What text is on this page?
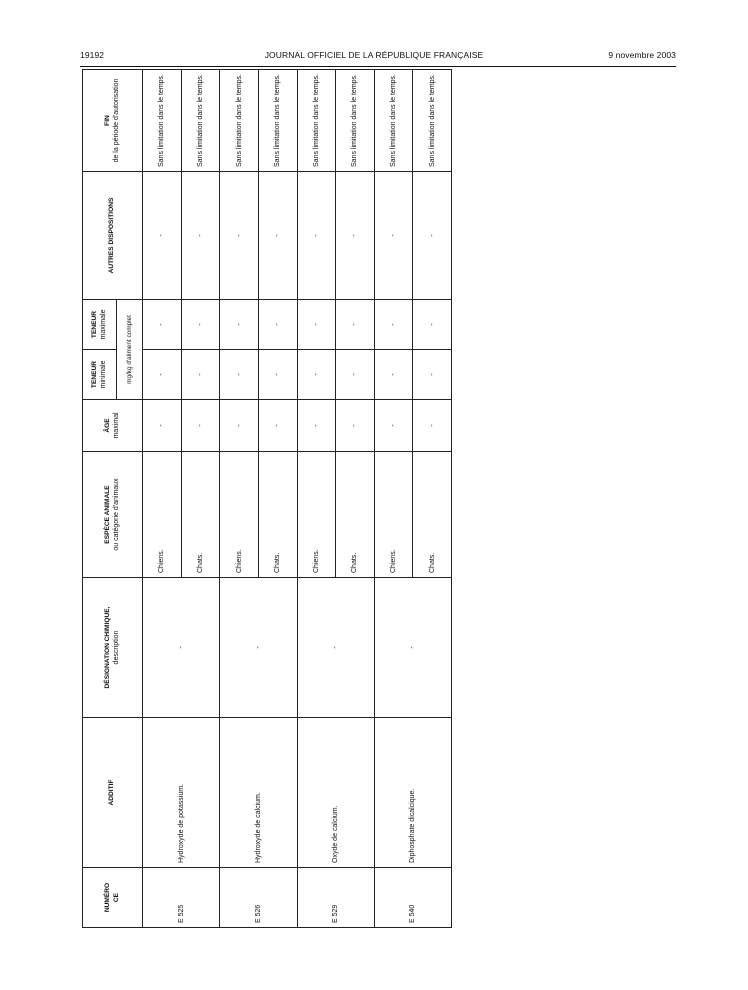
19192	JOURNAL OFFICIEL DE LA RÉPUBLIQUE FRANÇAISE	9 novembre 2003
NUMÉRO
CE	ADDITIF	DÉSIGNATION CHIMIQUE,
description	ESPÈCE ANIMALE
ou catégorie d'animaux	ÂGE
maximal	TENEUR
minimale	TENEUR
maximale	AUTRES DISPOSITIONS	FIN
de la période d'autorisation
					mg/kg d'aliment complet			
E 525	Hydroxyde de potassium.	-	Chiens.	-	-	-	-	Sans limitation dans le temps.
			Chats.	-	-	-	-	Sans limitation dans le temps.
E 526	Hydroxyde de calcium.	-	Chiens.	-	-	-	-	Sans limitation dans le temps.
			Chats.	-	-	-	-	Sans limitation dans le temps.
E 529	Oxyde de calcium.	-	Chiens.	-	-	-	-	Sans limitation dans le temps.
			Chats.	-	-	-	-	Sans limitation dans le temps.
E 540	Diphosphate dicalcique.	-	Chiens.	-	-	-	-	Sans limitation dans le temps.
			Chats.	-	-	-	-	Sans limitation dans le temps.
